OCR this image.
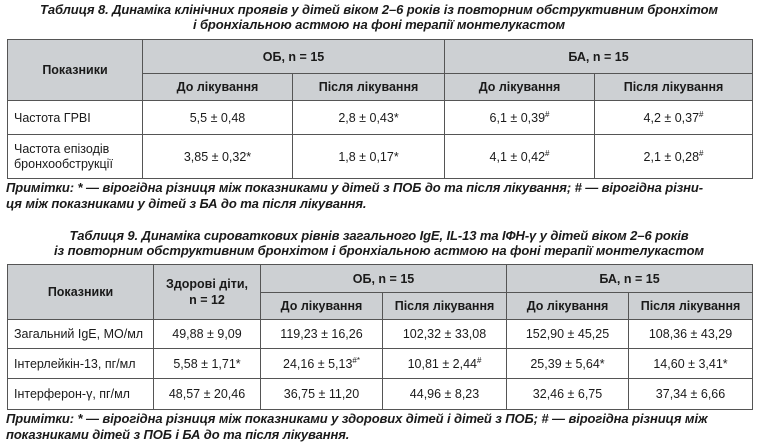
Таблиця 8. Динаміка клінічних проявів у дітей віком 2–6 років із повторним обструктивним бронхітом
і бронхіальною астмою на фоні терапії монтелукастом
Показники	ОБ, n = 15		БА, n = 15	
	До лікування	Після лікування	До лікування	Після лікування
Частота ГРВІ	5,5 ± 0,48	2,8 ± 0,43*	6,1 ± 0,39#	4,2 ± 0,37#

Частота епізодів
бронхообструкції	3,85 ± 0,32*	1,8 ± 0,17*	4,1 ± 0,42#	2,1 ± 0,28#
Примітки: * — вірогідна різниця між показниками у дітей з ПОБ до та після лікування; # — вірогідна різни-
ця між показниками у дітей з БА до та після лікування.
Таблиця 9. Динаміка сироваткових рівнів загального IgE, IL-13 та ІФН-γ у дітей віком 2–6 років
із повторним обструктивним бронхітом і бронхіальною астмою на фоні терапії монтелукастом
Показники	Здорові діти,
n = 12	ОБ, n = 15		БА, n = 15	
		До лікування	Після лікування	До лікування	Після лікування
Загальний IgE, МО/мл	49,88 ± 9,09	119,23 ± 16,26	102,32 ± 33,08	152,90 ± 45,25	108,36 ± 43,29
Інтерлейкін-13, пг/мл	5,58 ± 1,71*	24,16 ± 5,13#*	10,81 ± 2,44#	25,39 ± 5,64*	14,60 ± 3,41*
Інтерферон-γ, пг/мл	48,57 ± 20,46	36,75 ± 11,20	44,96 ± 8,23	32,46 ± 6,75	37,34 ± 6,66
Примітки: * — вірогідна різниця між показниками у здорових дітей і дітей з ПОБ; # — вірогідна різниця між
показниками дітей з ПОБ і БА до та після лікування.
